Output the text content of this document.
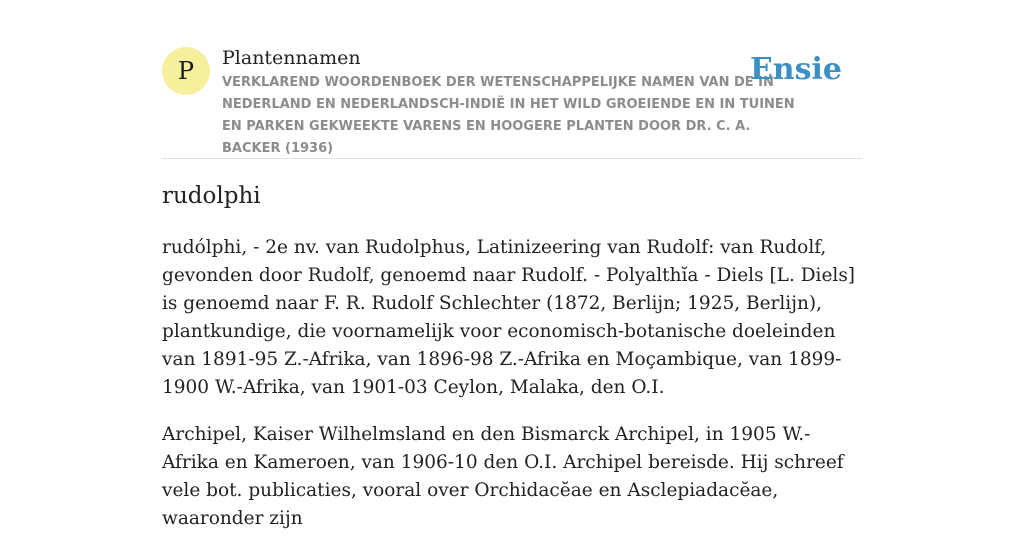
P	Plantennamen
VERKLAREND WOORDENBOEK DER WETENSCHAPPELIJKE NAMEN VAN DE IN NEDERLAND EN NEDERLANDSCH-INDIË IN HET WILD GROEIENDE EN IN TUINEN EN PARKEN GEKWEEKTE VARENS EN HOOGERE PLANTEN DOOR DR. C. A. BACKER (1936)
Ensie
rudolphi

rudólphi, - 2e nv. van Rudolphus, Latinizeering van Rudolf: van Rudolf, gevonden door Rudolf, genoemd naar Rudolf. - Polyalthĭa - Diels [L. Diels] is genoemd naar F. R. Rudolf Schlechter (1872, Berlijn; 1925, Berlijn), plantkundige, die voornamelijk voor economisch-botanische doeleinden van 1891-95 Z.-Afrika, van 1896-98 Z.-Afrika en Moçambique, van 1899-1900 W.-Afrika, van 1901-03 Ceylon, Malaka, den O.I.

Archipel, Kaiser Wilhelmsland en den Bismarck Archipel, in 1905 W.-Afrika en Kameroen, van 1906-10 den O.I. Archipel bereisde. Hij schreef vele bot. publicaties, vooral over Orchidacĕae en Asclepiadacĕae, waaronder zijn
